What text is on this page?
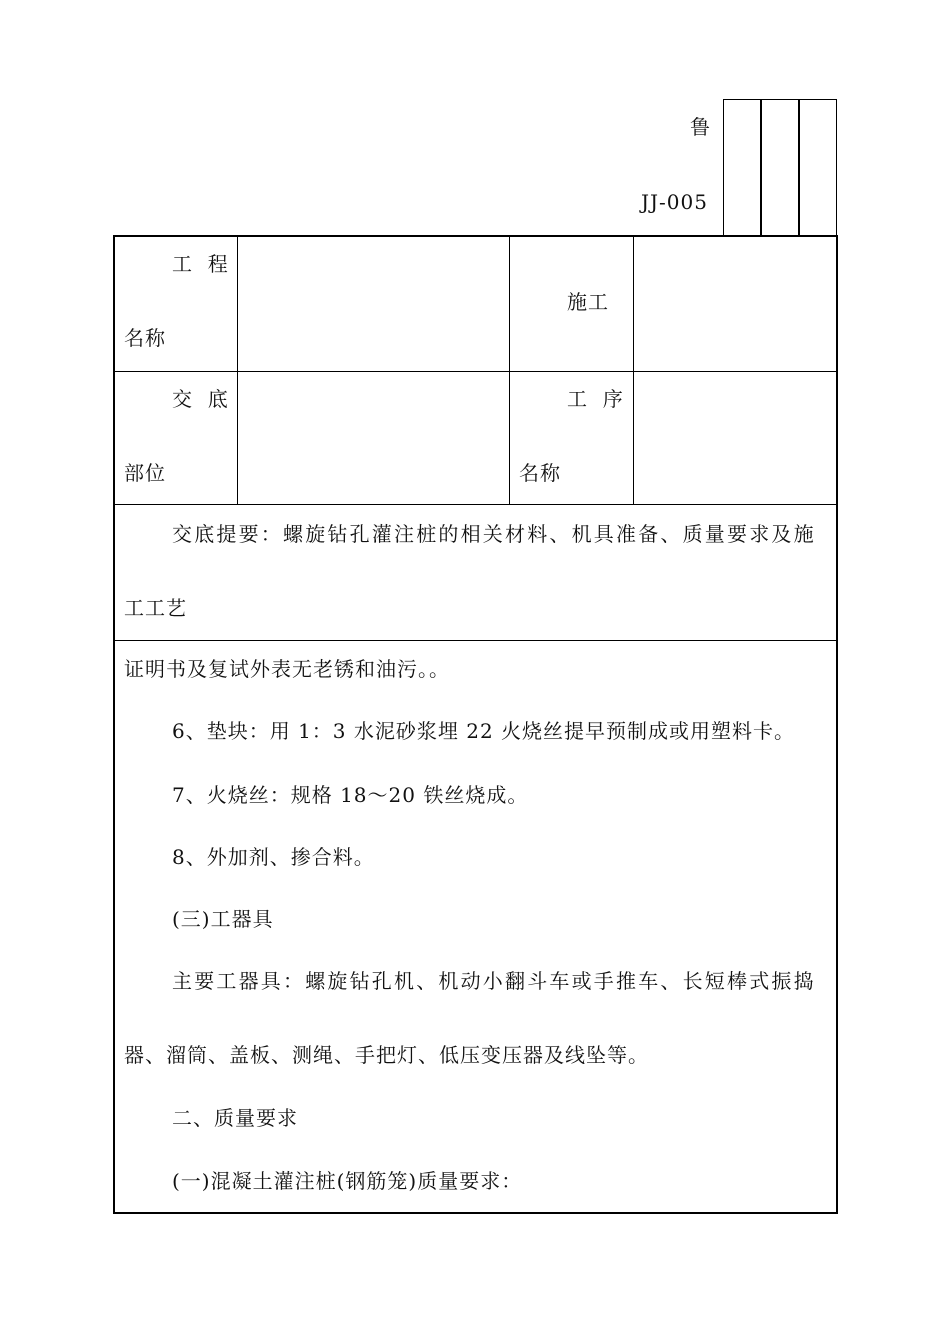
鲁
JJ-005
工  程
名称
施工
交  底
部位
工  序
名称
交底提要：螺旋钻孔灌注桩的相关材料、机具准备、质量要求及施
工工艺
证明书及复试外表无老锈和油污。。
6、垫块：用 1：3 水泥砂浆埋 22 火烧丝提早预制成或用塑料卡。
7、火烧丝：规格 18～20 铁丝烧成。
8、外加剂、掺合料。
(三)工器具
主要工器具：螺旋钻孔机、机动小翻斗车或手推车、长短棒式振捣
器、溜筒、盖板、测绳、手把灯、低压变压器及线坠等。
二、质量要求
(一)混凝土灌注桩(钢筋笼)质量要求：
